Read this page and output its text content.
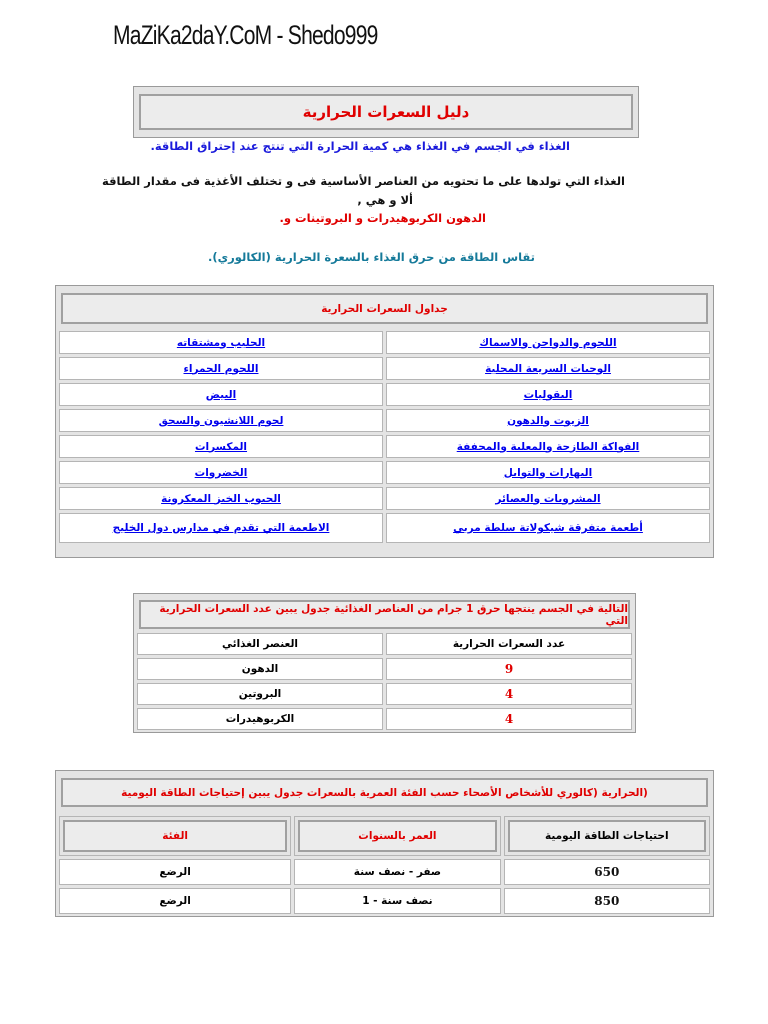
MaZiKa2daY.CoM - Shedo999
دليل السعرات الحرارية
الغذاء في الجسم في الغذاء هي كمية الحرارة التي تنتج عند إحتراق الطاقة.
الغذاء التي تولدها على ما تحتويه من العناصر الأساسية فى و تختلف الأغذية فى مقدار الطاقة
ألا و هي ,
الدهون الكربوهيدرات و البروتينات و.
تقاس الطاقة من حرق الغذاء بالسعرة الحرارية (الكالوري).
جداول السعرات الحرارية
اللحوم والدواجن والاسماك	الحليب ومشتقاته
الوجبات السريعة المحلية	اللحوم الحمراء
البقوليات	البيض
الزيوت والدهون	لحوم اللانشيون والسجق
الفواكة الطازجة والمعلبة والمجففة	المكسرات
البهارات والتوابل	الخضروات
المشروبات والعصائر	الحبوب الخبز المعكرونة
أطعمة متفرقة شيكولاتة سلطة مربي	الاطعمة التي تقدم في مدارس دول الخليج
التالية في الجسم ينتجها حرق 1 جرام من العناصر الغذائية جدول يبين عدد السعرات الحرارية التي
عدد السعرات الحرارية	العنصر الغذائي
9	الدهون
4	البروتين
4	الكربوهيدرات
(الحرارية (كالوري للأشخاص الأصحاء حسب الفئة العمرية بالسعرات جدول يبين إحتياجات الطاقة اليومية
احتياجات الطاقة اليومية	العمر بالسنوات	الفئة

650	صفر - نصف سنة	الرضع
850	نصف سنة - 1	الرضع
